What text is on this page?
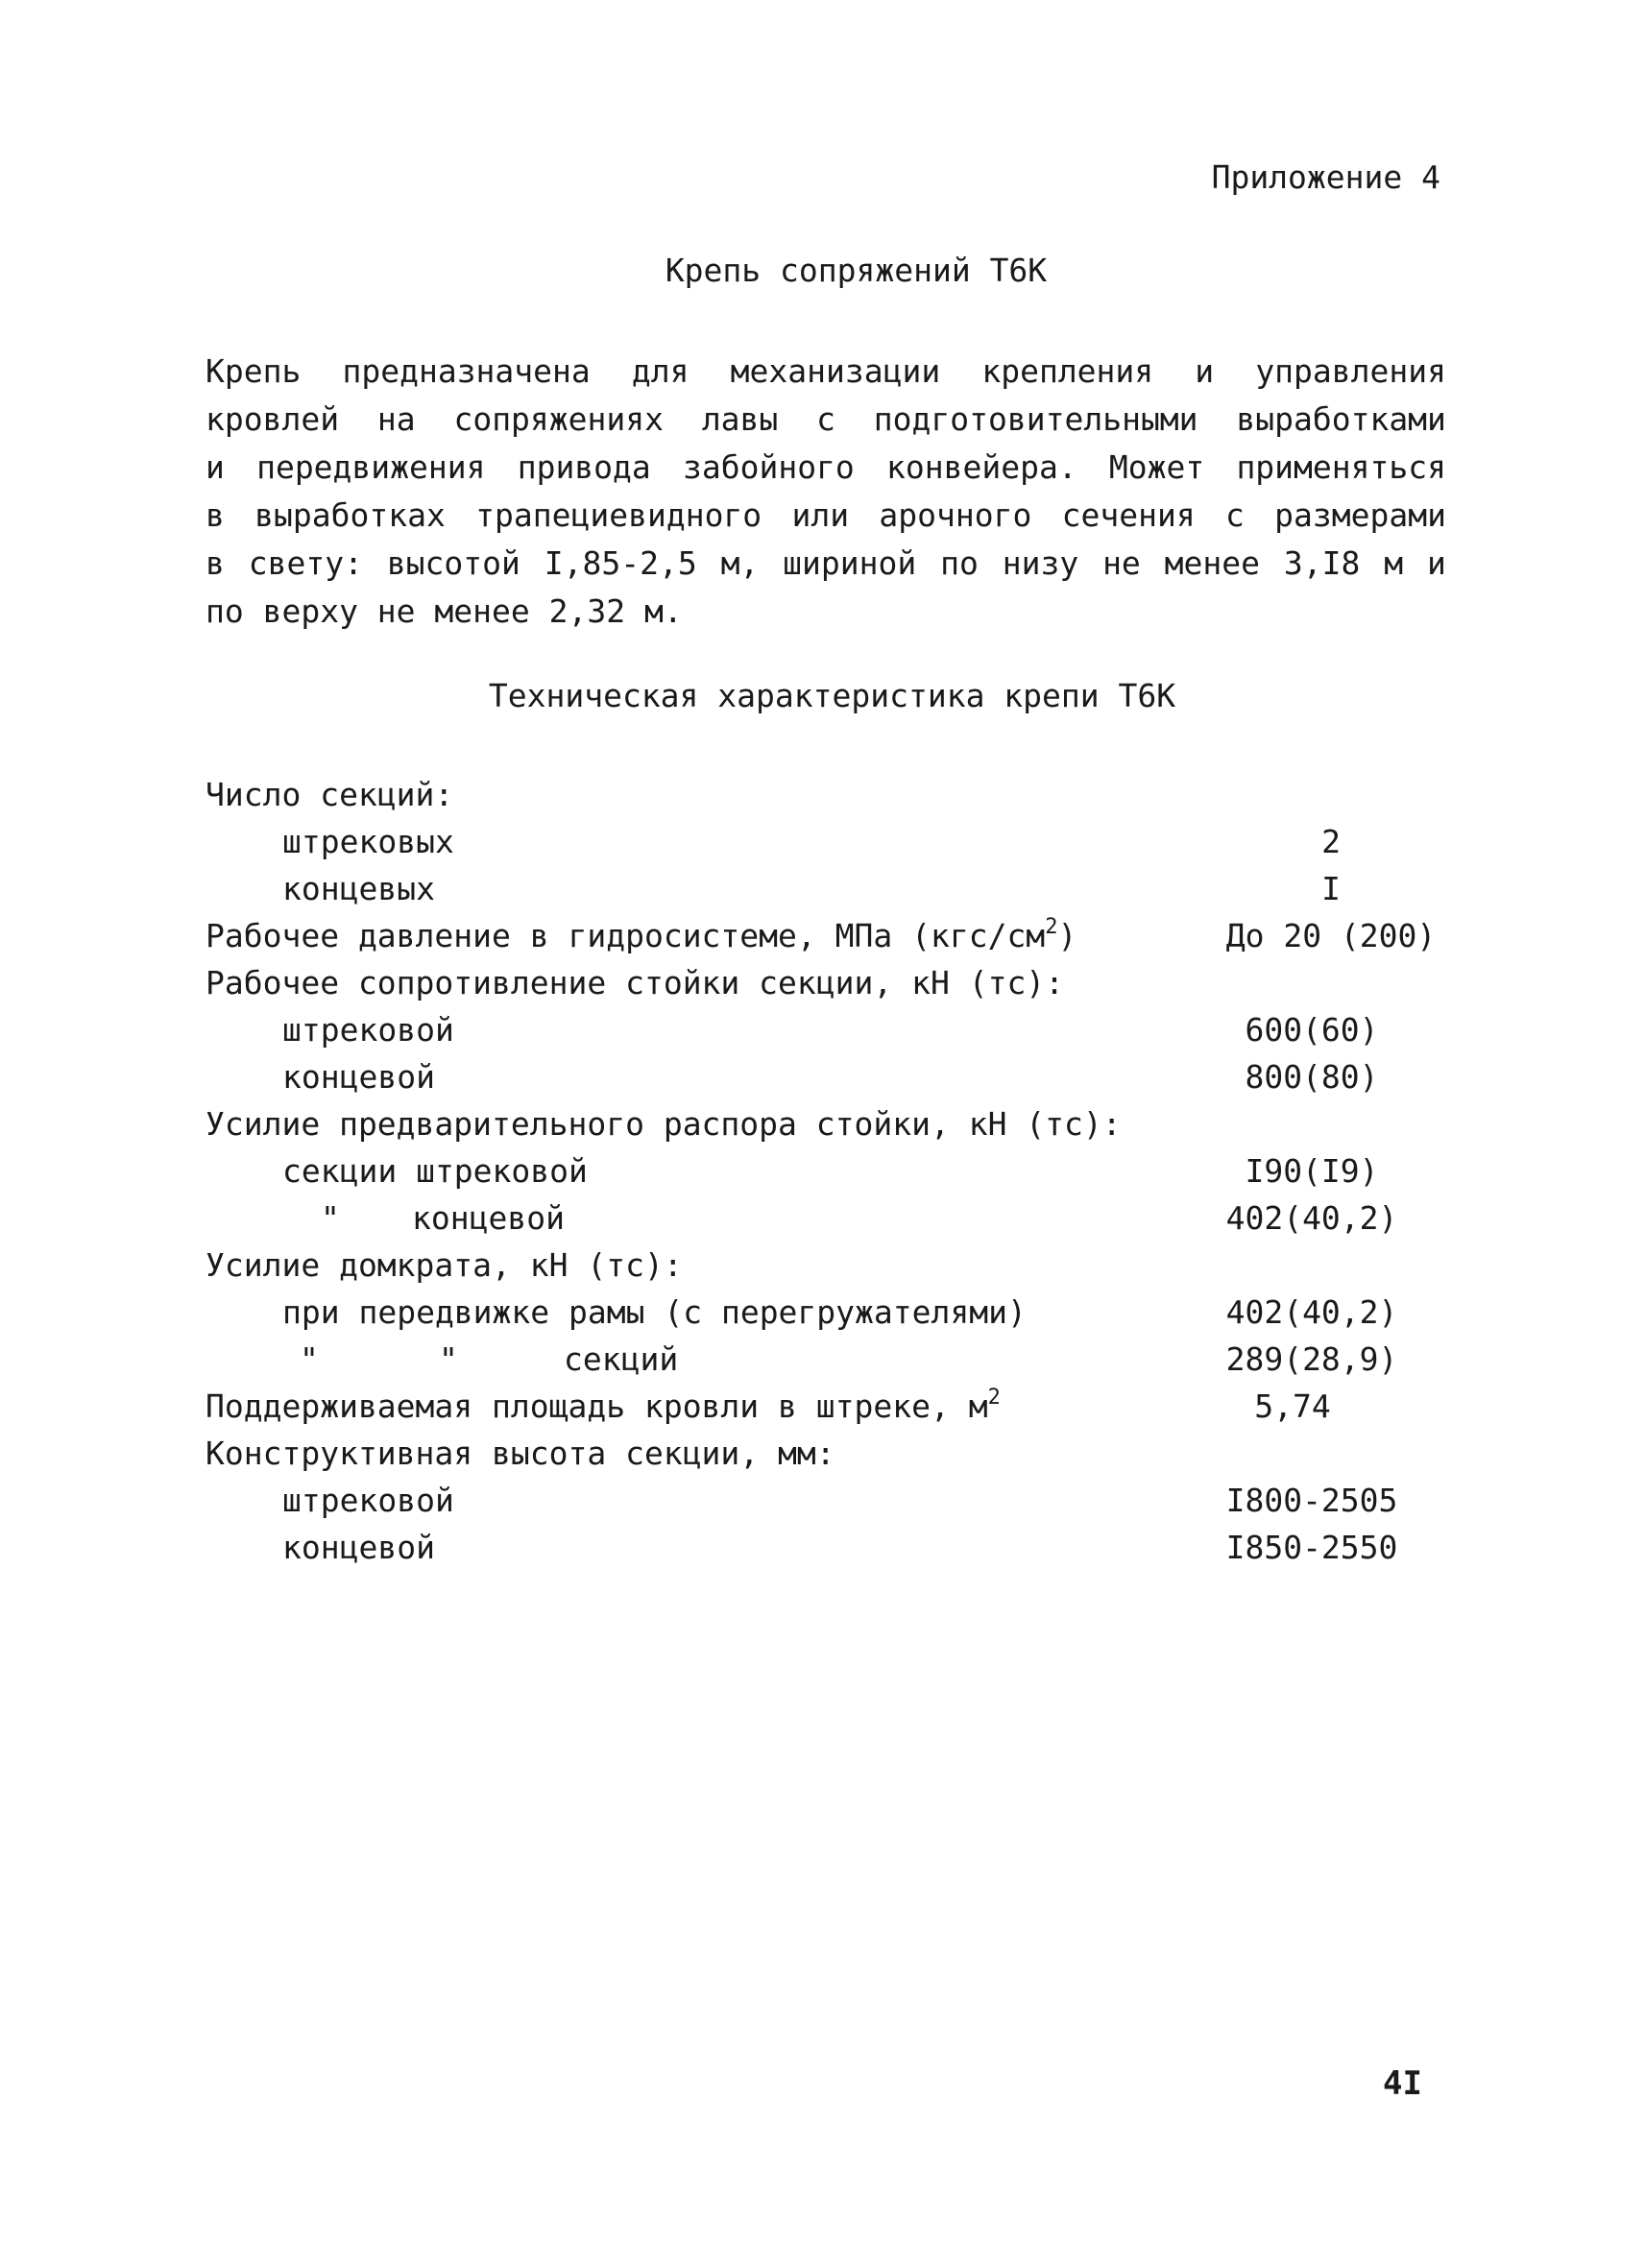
Приложение 4
Крепь сопряжений Т6К
Крепь предназначена для механизации крепления и управления
кровлей на сопряжениях лавы с подготовительными выработками
и передвижения привода забойного конвейера. Может применяться
в выработках трапециевидного или арочного сечения с размерами
в свету: высотой I,85-2,5 м, шириной по низу не менее 3,I8 м и
по верху не менее 2,32 м.
Техническая характеристика крепи Т6К
Число секций:
штрековых	2
концевых	I
Рабочее давление в гидросистеме, МПа $(кгс/см^2)$	До 20 (200)
Рабочее сопротивление стойки секции, кН (тс):
штрековой	600(60)
концевой	800(80)
Усилие предварительного распора стойки, кН (тс):
секции штрековой	I90(I9)
" концевой	402(40,2)
Усилие домкрата, кН (тс):
при передвижке рамы (с перегружателями)	402(40,2)
"	"	секций	289(28,9)
Поддерживаемая площадь кровли в штреке, $м^2$	5,74
Конструктивная высота секции, мм:
штрековой	I800-2505
концевой	I850-2550
4I
